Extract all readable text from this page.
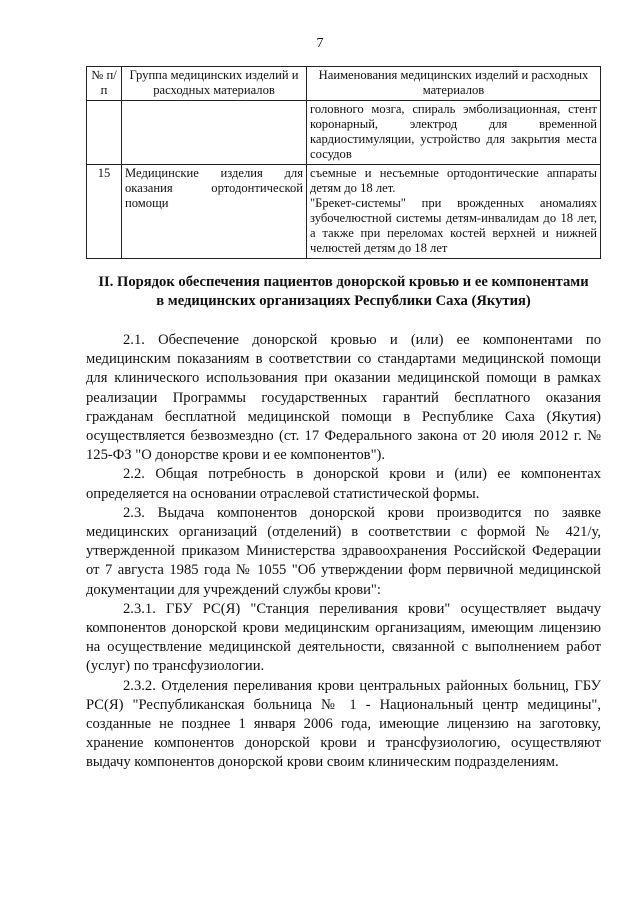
7
№ п/п	Группа медицинских изделий и расходных материалов	Наименования медицинских изделий и расходных материалов
		головного мозга, спираль эмболизационная, стент коронарный, электрод для временной кардиостимуляции, устройство для закрытия места сосудов
15	Медицинские изделия для оказания ортодонтической помощи	съемные и несъемные ортодонтические аппараты детям до 18 лет.
"Брекет-системы" при врожденных аномалиях зубочелюстной системы детям-инвалидам до 18 лет, а также при переломах костей верхней и нижней челюстей детям до 18 лет
II. Порядок обеспечения пациентов донорской кровью и ее компонентами
в медицинских организациях Республики Саха (Якутия)

2.1. Обеспечение донорской кровью и (или) ее компонентами по медицинским показаниям в соответствии со стандартами медицинской помощи для клинического использования при оказании медицинской помощи в рамках реализации Программы государственных гарантий бесплатного оказания гражданам бесплатной медицинской помощи в Республике Саха (Якутия) осуществляется безвозмездно (ст. 17 Федерального закона от 20 июля 2012 г. № 125-ФЗ "О донорстве крови и ее компонентов").

2.2. Общая потребность в донорской крови и (или) ее компонентах определяется на основании отраслевой статистической формы.

2.3. Выдача компонентов донорской крови производится по заявке медицинских организаций (отделений) в соответствии с формой № 421/у, утвержденной приказом Министерства здравоохранения Российской Федерации от 7 августа 1985 года № 1055 "Об утверждении форм первичной медицинской документации для учреждений службы крови":

2.3.1. ГБУ РС(Я) "Станция переливания крови" осуществляет выдачу компонентов донорской крови медицинским организациям, имеющим лицензию на осуществление медицинской деятельности, связанной с выполнением работ (услуг) по трансфузиологии.

2.3.2. Отделения переливания крови центральных районных больниц, ГБУ РС(Я) "Республиканская больница № 1 - Национальный центр медицины", созданные не позднее 1 января 2006 года, имеющие лицензию на заготовку, хранение компонентов донорской крови и трансфузиологию, осуществляют выдачу компонентов донорской крови своим клиническим подразделениям.
